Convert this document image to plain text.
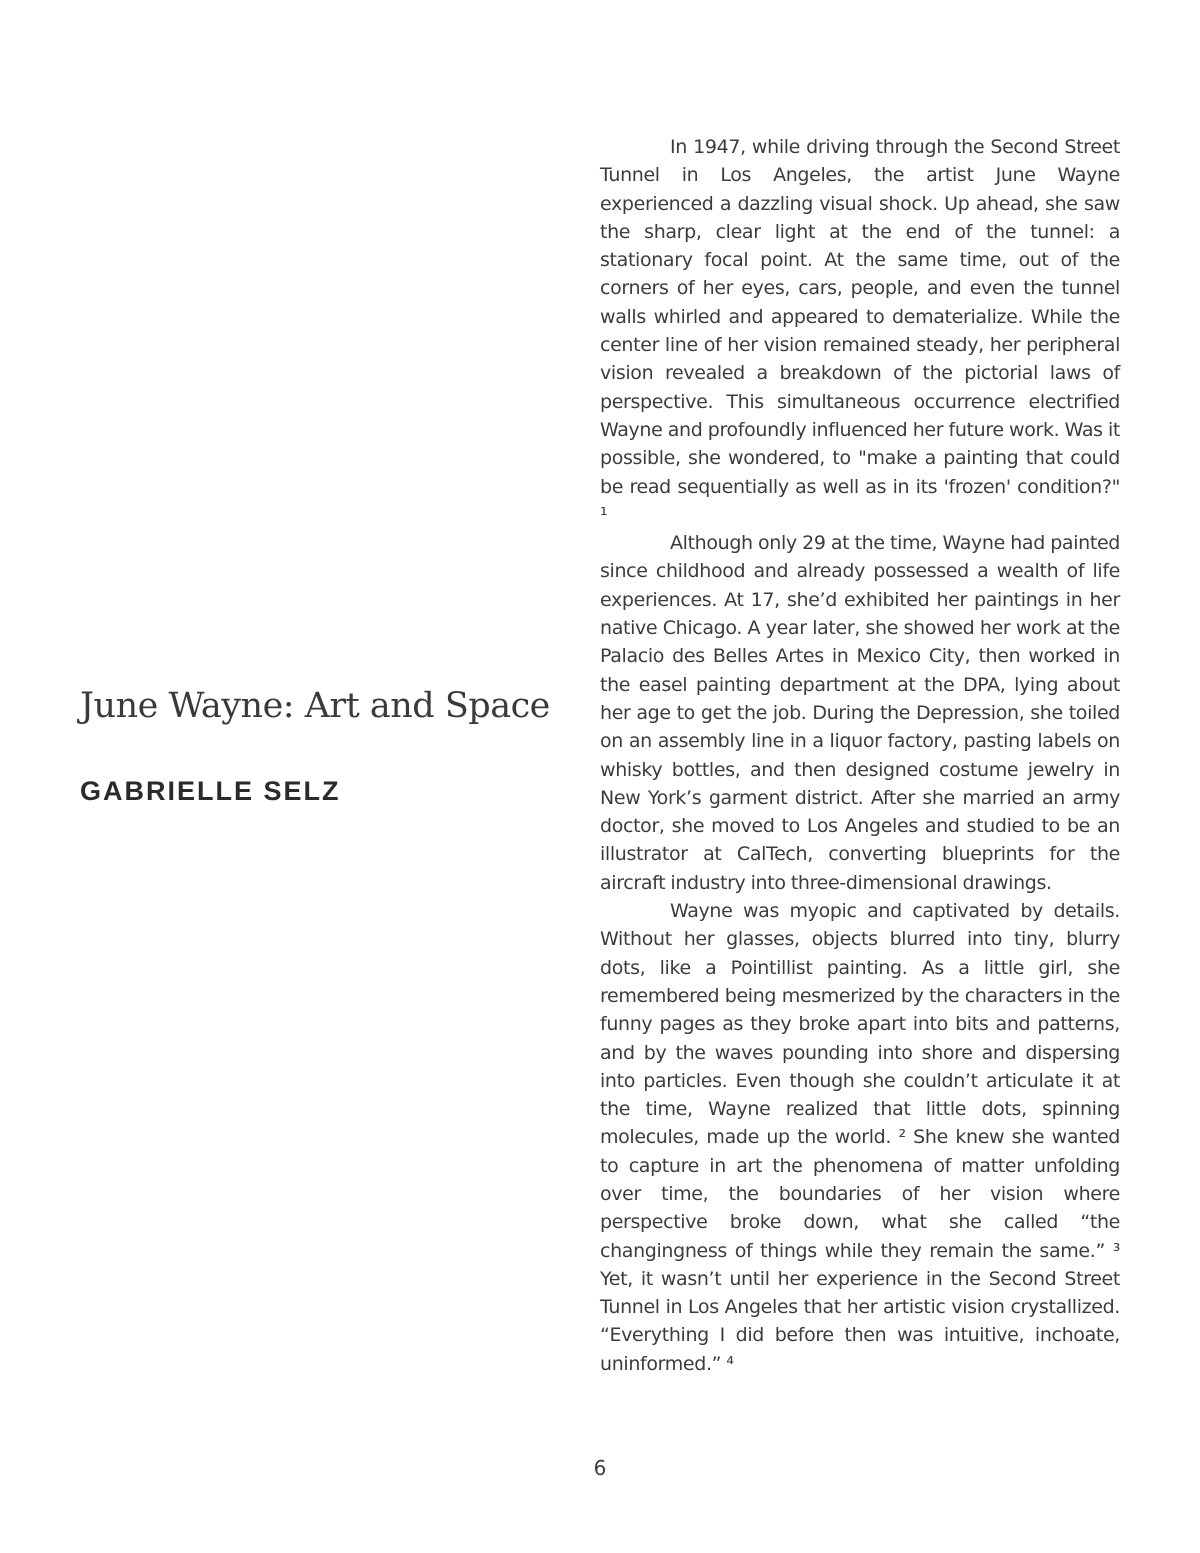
June Wayne: Art and Space
GABRIELLE SELZ

In 1947, while driving through the Second Street Tunnel in Los Angeles, the artist June Wayne experienced a dazzling visual shock. Up ahead, she saw the sharp, clear light at the end of the tunnel: a stationary focal point. At the same time, out of the corners of her eyes, cars, people, and even the tunnel walls whirled and appeared to dematerialize. While the center line of her vision remained steady, her peripheral vision revealed a breakdown of the pictorial laws of perspective. This simultaneous occurrence electrified Wayne and profoundly influenced her future work. Was it possible, she wondered, to "make a painting that could be read sequentially as well as in its 'frozen' condition?" ¹

Although only 29 at the time, Wayne had painted since childhood and already possessed a wealth of life experiences. At 17, she’d exhibited her paintings in her native Chicago. A year later, she showed her work at the Palacio des Belles Artes in Mexico City, then worked in the easel painting department at the DPA, lying about her age to get the job. During the Depression, she toiled on an assembly line in a liquor factory, pasting labels on whisky bottles, and then designed costume jewelry in New York’s garment district. After she married an army doctor, she moved to Los Angeles and studied to be an illustrator at CalTech, converting blueprints for the aircraft industry into three-dimensional drawings.

Wayne was myopic and captivated by details. Without her glasses, objects blurred into tiny, blurry dots, like a Pointillist painting. As a little girl, she remembered being mesmerized by the characters in the funny pages as they broke apart into bits and patterns, and by the waves pounding into shore and dispersing into particles. Even though she couldn’t articulate it at the time, Wayne realized that little dots, spinning molecules, made up the world. ² She knew she wanted to capture in art the phenomena of matter unfolding over time, the boundaries of her vision where perspective broke down, what she called “the changingness of things while they remain the same.” ³ Yet, it wasn’t until her experience in the Second Street Tunnel in Los Angeles that her artistic vision crystallized. “Everything I did before then was intuitive, inchoate, uninformed.” ⁴

6
